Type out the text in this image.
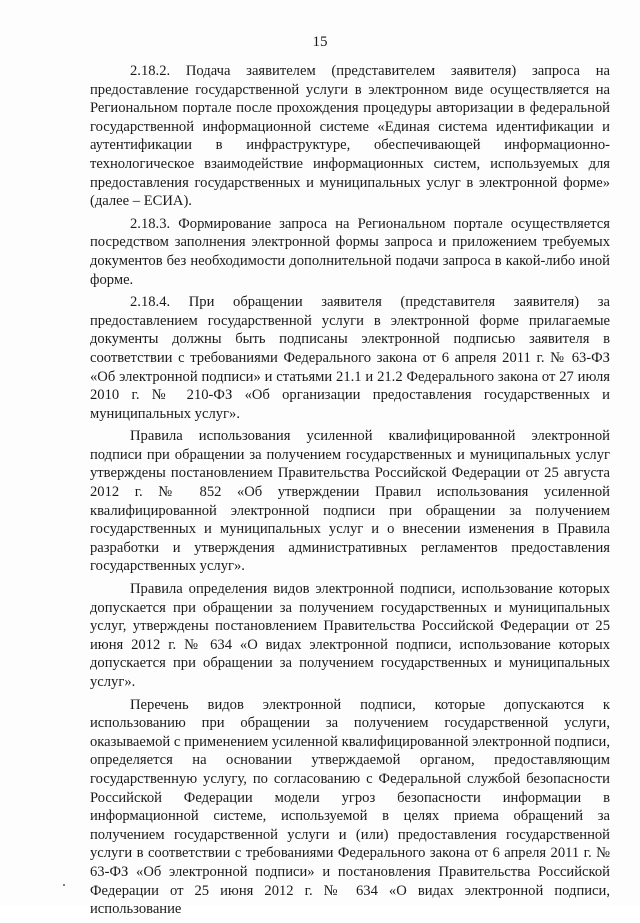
15

2.18.2. Подача заявителем (представителем заявителя) запроса на предоставление государственной услуги в электронном виде осуществляется на Региональном портале после прохождения процедуры авторизации в федеральной государственной информационной системе «Единая система идентификации и аутентификации в инфраструктуре, обеспечивающей информационно-технологическое взаимодействие информационных систем, используемых для предоставления государственных и муниципальных услуг в электронной форме» (далее – ЕСИА).

2.18.3. Формирование запроса на Региональном портале осуществляется посредством заполнения электронной формы запроса и приложением требуемых документов без необходимости дополнительной подачи запроса в какой-либо иной форме.

2.18.4. При обращении заявителя (представителя заявителя) за предоставлением государственной услуги в электронной форме прилагаемые документы должны быть подписаны электронной подписью заявителя в соответствии с требованиями Федерального закона от 6 апреля 2011 г. № 63-ФЗ «Об электронной подписи» и статьями 21.1 и 21.2 Федерального закона от 27 июля 2010 г. № 210-ФЗ «Об организации предоставления государственных и муниципальных услуг».

Правила использования усиленной квалифицированной электронной подписи при обращении за получением государственных и муниципальных услуг утверждены постановлением Правительства Российской Федерации от 25 августа 2012 г. № 852 «Об утверждении Правил использования усиленной квалифицированной электронной подписи при обращении за получением государственных и муниципальных услуг и о внесении изменения в Правила разработки и утверждения административных регламентов предоставления государственных услуг».

Правила определения видов электронной подписи, использование которых допускается при обращении за получением государственных и муниципальных услуг, утверждены постановлением Правительства Российской Федерации от 25 июня 2012 г. № 634 «О видах электронной подписи, использование которых допускается при обращении за получением государственных и муниципальных услуг».

Перечень видов электронной подписи, которые допускаются к использованию при обращении за получением государственной услуги, оказываемой с применением усиленной квалифицированной электронной подписи, определяется на основании утверждаемой органом, предоставляющим государственную услугу, по согласованию с Федеральной службой безопасности Российской Федерации модели угроз безопасности информации в информационной системе, используемой в целях приема обращений за получением государственной услуги и (или) предоставления государственной услуги в соответствии с требованиями Федерального закона от 6 апреля 2011 г. № 63-ФЗ «Об электронной подписи» и постановления Правительства Российской Федерации от 25 июня 2012 г. № 634 «О видах электронной подписи, использование
